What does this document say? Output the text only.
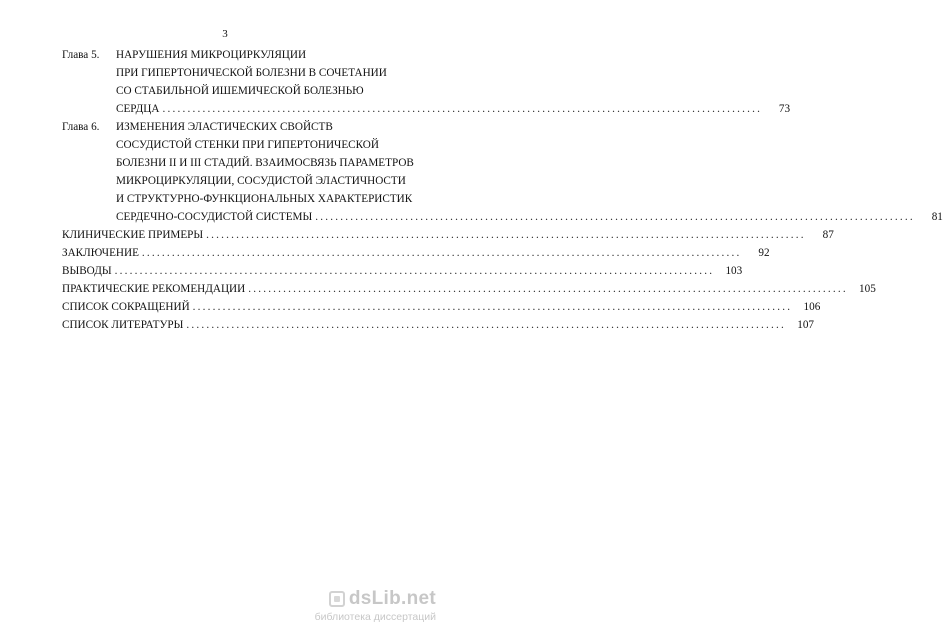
3
Глава 5. НАРУШЕНИЯ МИКРОЦИРКУЛЯЦИИ
ПРИ ГИПЕРТОНИЧЕСКОЙ БОЛЕЗНИ В СОЧЕТАНИИ
СО СТАБИЛЬНОЙ ИШЕМИЧЕСКОЙ БОЛЕЗНЬЮ
СЕРДЦА ........................................................................................................................	73
Глава 6. ИЗМЕНЕНИЯ ЭЛАСТИЧЕСКИХ СВОЙСТВ
СОСУДИСТОЙ СТЕНКИ ПРИ ГИПЕРТОНИЧЕСКОЙ
БОЛЕЗНИ II И III СТАДИЙ. ВЗАИМОСВЯЗЬ ПАРАМЕТРОВ
МИКРОЦИРКУЛЯЦИИ, СОСУДИСТОЙ ЭЛАСТИЧНОСТИ
И СТРУКТУРНО-ФУНКЦИОНАЛЬНЫХ ХАРАКТЕРИСТИК
СЕРДЕЧНО-СОСУДИСТОЙ СИСТЕМЫ ........................................................................................................................	81
КЛИНИЧЕСКИЕ ПРИМЕРЫ ........................................................................................................................	87
ЗАКЛЮЧЕНИЕ ........................................................................................................................	92
ВЫВОДЫ ........................................................................................................................	103
ПРАКТИЧЕСКИЕ РЕКОМЕНДАЦИИ ........................................................................................................................	105
СПИСОК СОКРАЩЕНИЙ ........................................................................................................................	106
СПИСОК ЛИТЕРАТУРЫ ........................................................................................................................	107
dsLib.net
библиотека диссертаций
